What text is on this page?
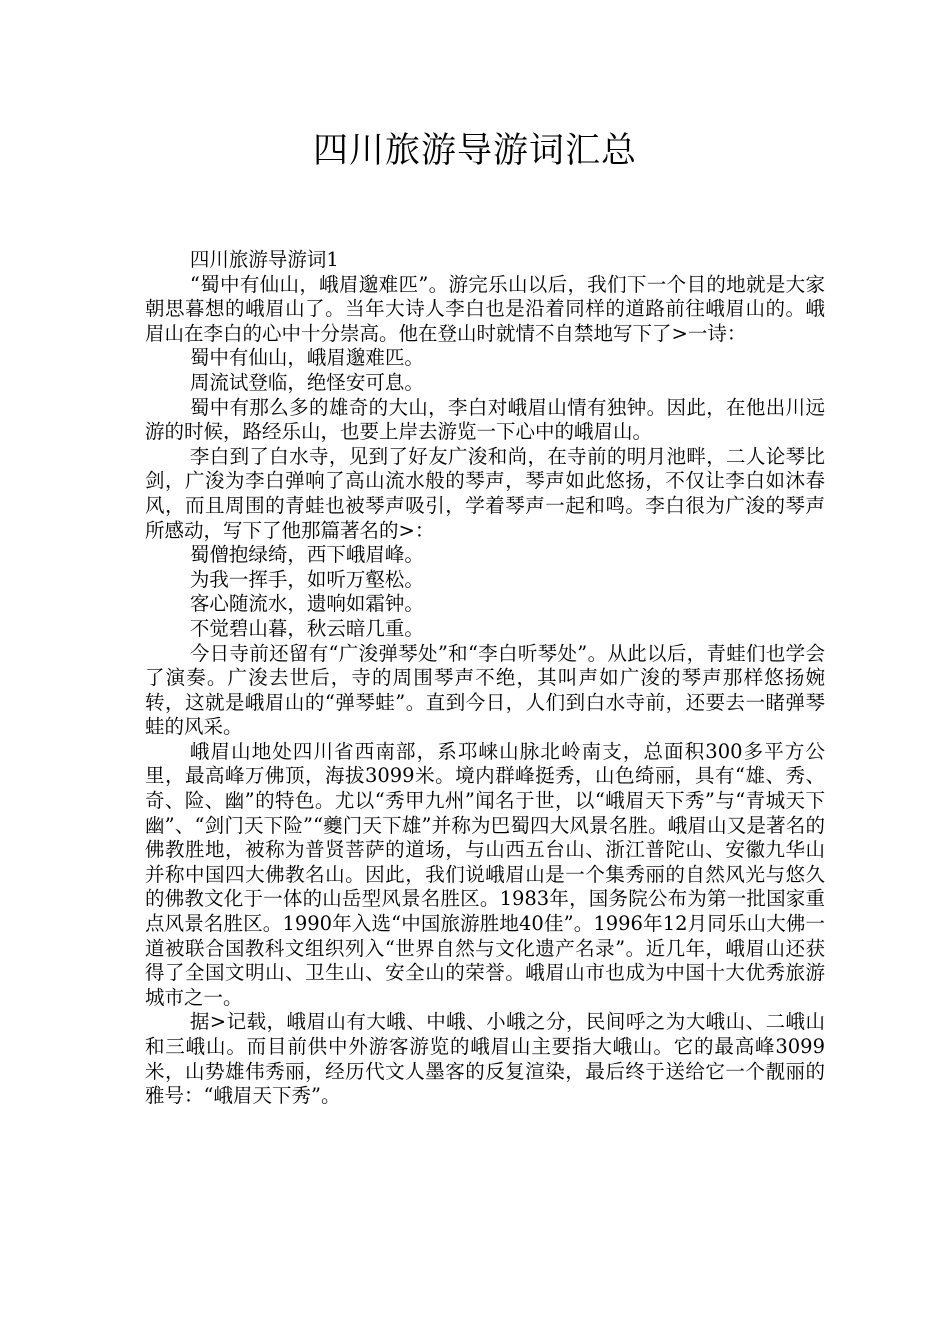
四川旅游导游词汇总

四川旅游导游词1

“蜀中有仙山，峨眉邈难匹”。游完乐山以后，我们下一个目的地就是大家朝思暮想的峨眉山了。当年大诗人李白也是沿着同样的道路前往峨眉山的。峨眉山在李白的心中十分崇高。他在登山时就情不自禁地写下了>一诗：

蜀中有仙山，峨眉邈难匹。

周流试登临，绝怪安可息。

蜀中有那么多的雄奇的大山，李白对峨眉山情有独钟。因此，在他出川远游的时候，路经乐山，也要上岸去游览一下心中的峨眉山。

李白到了白水寺，见到了好友广浚和尚，在寺前的明月池畔，二人论琴比剑，广浚为李白弹响了高山流水般的琴声，琴声如此悠扬，不仅让李白如沐春风，而且周围的青蛙也被琴声吸引，学着琴声一起和鸣。李白很为广浚的琴声所感动，写下了他那篇著名的>：

蜀僧抱绿绮，西下峨眉峰。

为我一挥手，如听万壑松。

客心随流水，遗响如霜钟。

不觉碧山暮，秋云暗几重。

今日寺前还留有“广浚弹琴处”和“李白听琴处”。从此以后，青蛙们也学会了演奏。广浚去世后，寺的周围琴声不绝，其叫声如广浚的琴声那样悠扬婉转，这就是峨眉山的“弹琴蛙”。直到今日，人们到白水寺前，还要去一睹弹琴蛙的风采。

峨眉山地处四川省西南部，系邛崃山脉北岭南支，总面积300多平方公里，最高峰万佛顶，海拔3099米。境内群峰挺秀，山色绮丽，具有“雄、秀、奇、险、幽”的特色。尤以“秀甲九州”闻名于世，以“峨眉天下秀”与“青城天下幽”、“剑门天下险”“夔门天下雄”并称为巴蜀四大风景名胜。峨眉山又是著名的佛教胜地，被称为普贤菩萨的道场，与山西五台山、浙江普陀山、安徽九华山并称中国四大佛教名山。因此，我们说峨眉山是一个集秀丽的自然风光与悠久的佛教文化于一体的山岳型风景名胜区。1983年，国务院公布为第一批国家重点风景名胜区。1990年入选“中国旅游胜地40佳”。1996年12月同乐山大佛一道被联合国教科文组织列入“世界自然与文化遗产名录”。近几年，峨眉山还获得了全国文明山、卫生山、安全山的荣誉。峨眉山市也成为中国十大优秀旅游城市之一。

据>记载，峨眉山有大峨、中峨、小峨之分，民间呼之为大峨山、二峨山和三峨山。而目前供中外游客游览的峨眉山主要指大峨山。它的最高峰3099米，山势雄伟秀丽，经历代文人墨客的反复渲染，最后终于送给它一个靓丽的雅号：“峨眉天下秀”。
